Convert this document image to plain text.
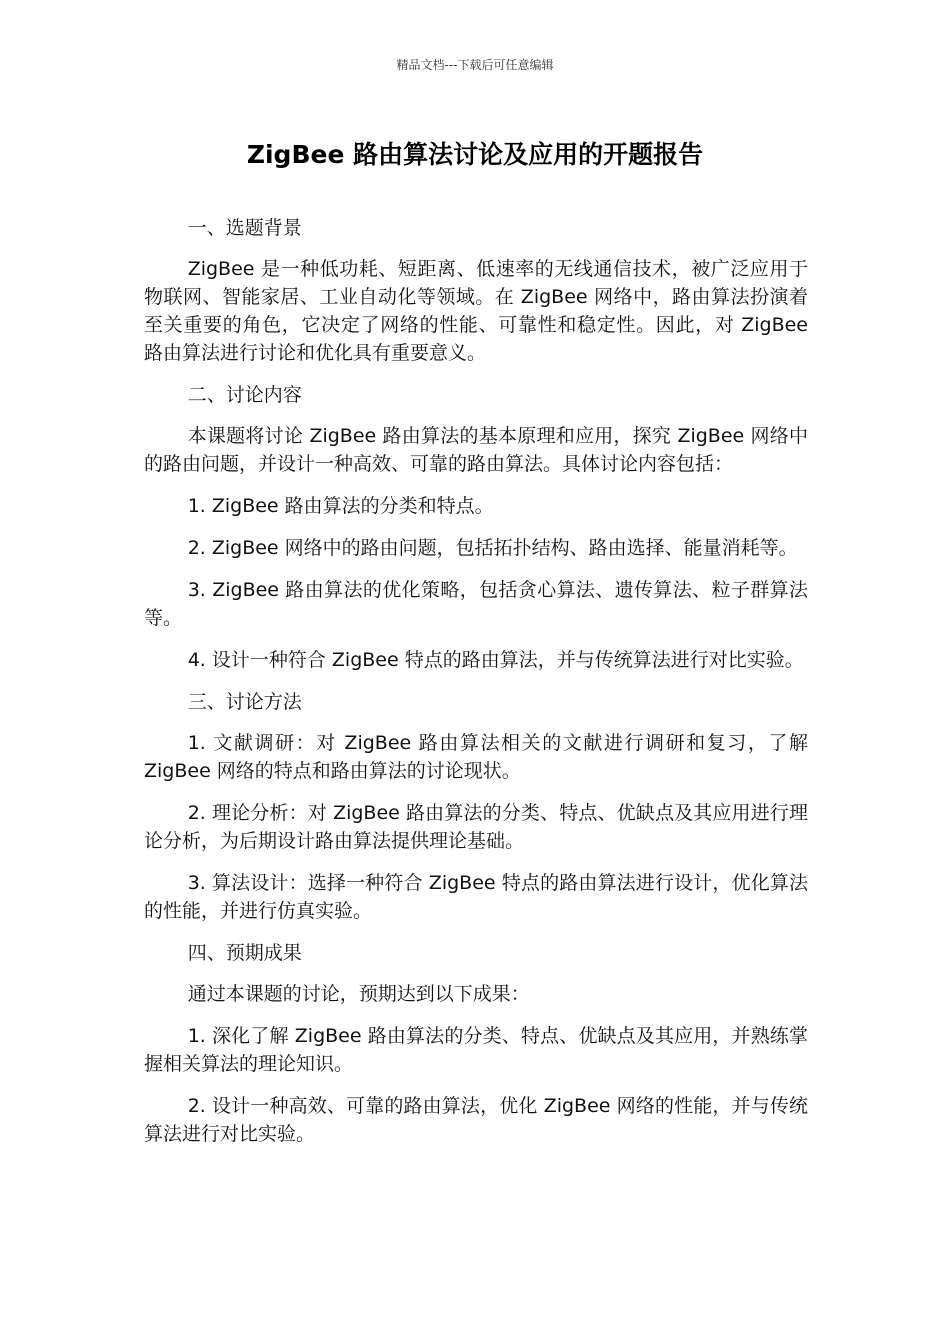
精品文档---下载后可任意编辑
ZigBee 路由算法讨论及应用的开题报告

一、选题背景

ZigBee 是一种低功耗、短距离、低速率的无线通信技术，被广泛应用于物联网、智能家居、工业自动化等领域。在 ZigBee 网络中，路由算法扮演着至关重要的角色，它决定了网络的性能、可靠性和稳定性。因此，对 ZigBee 路由算法进行讨论和优化具有重要意义。

二、讨论内容

本课题将讨论 ZigBee 路由算法的基本原理和应用，探究 ZigBee 网络中的路由问题，并设计一种高效、可靠的路由算法。具体讨论内容包括：

1. ZigBee 路由算法的分类和特点。

2. ZigBee 网络中的路由问题，包括拓扑结构、路由选择、能量消耗等。

3. ZigBee 路由算法的优化策略，包括贪心算法、遗传算法、粒子群算法等。

4. 设计一种符合 ZigBee 特点的路由算法，并与传统算法进行对比实验。

三、讨论方法

1. 文献调研：对 ZigBee 路由算法相关的文献进行调研和复习，了解 ZigBee 网络的特点和路由算法的讨论现状。

2. 理论分析：对 ZigBee 路由算法的分类、特点、优缺点及其应用进行理论分析，为后期设计路由算法提供理论基础。

3. 算法设计：选择一种符合 ZigBee 特点的路由算法进行设计，优化算法的性能，并进行仿真实验。

四、预期成果

通过本课题的讨论，预期达到以下成果：

1. 深化了解 ZigBee 路由算法的分类、特点、优缺点及其应用，并熟练掌握相关算法的理论知识。

2. 设计一种高效、可靠的路由算法，优化 ZigBee 网络的性能，并与传统算法进行对比实验。
